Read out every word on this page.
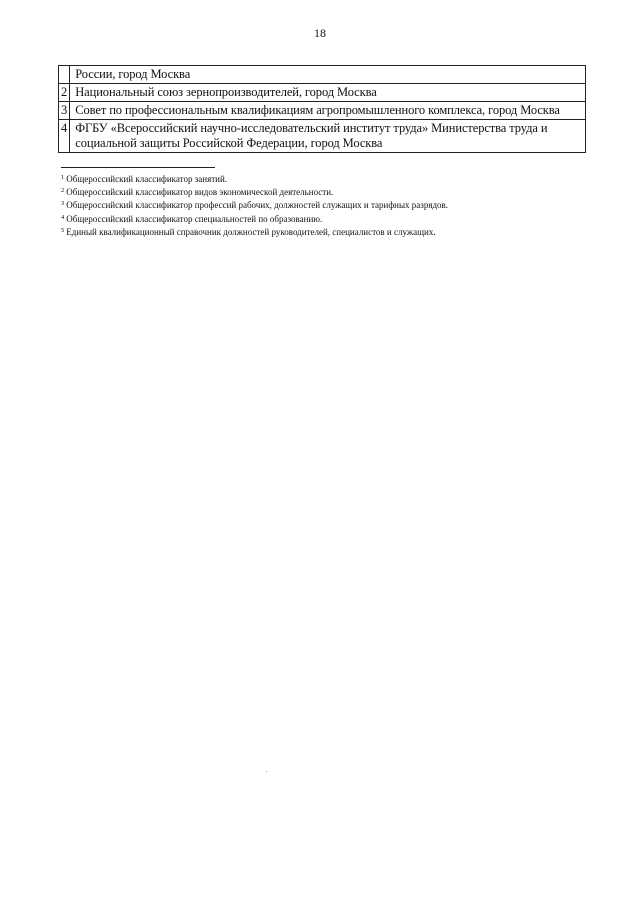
18
	России, город Москва
2	Национальный союз зернопроизводителей, город Москва
3	Совет по профессиональным квалификациям агропромышленного комплекса, город Москва
4	ФГБУ «Всероссийский научно-исследовательский институт труда» Министерства труда и социальной защиты Российской Федерации, город Москва
$^1$ Общероссийский классификатор занятий.
$^2$ Общероссийский классификатор видов экономической деятельности.
$^3$ Общероссийский классификатор профессий рабочих, должностей служащих и тарифных разрядов.
$^4$ Общероссийский классификатор специальностей по образованию.
$^5$ Единый квалификационный справочник должностей руководителей, специалистов и служащих.
